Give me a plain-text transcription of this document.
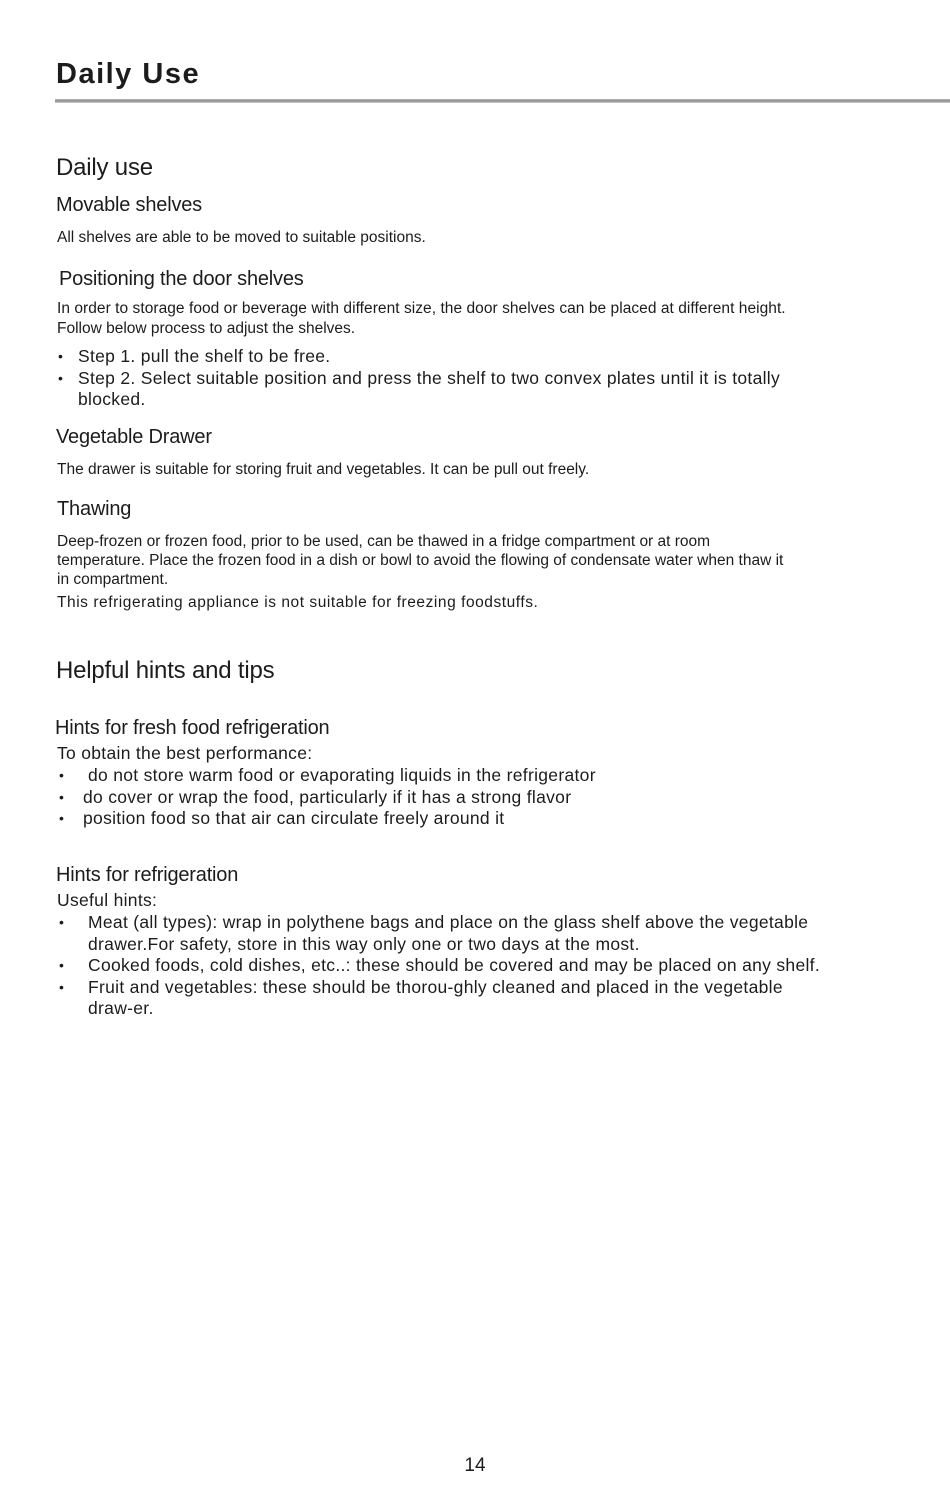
Daily Use
Daily use
Movable shelves

All shelves are able to be moved to suitable positions.

Positioning the door shelves

In order to storage food or beverage with different size, the door shelves can be placed at different height.

Follow below process to adjust the shelves.

• Step 1. pull the shelf to be free.
• Step 2. Select suitable position and press the shelf to two convex plates until it is totally
blocked.
Vegetable Drawer

The drawer is suitable for storing fruit and vegetables. It can be pull out freely.

Thawing

Deep-frozen or frozen food, prior to be used, can be thawed in a fridge compartment or at room

temperature. Place the frozen food in a dish or bowl to avoid the flowing of condensate water when thaw it

in compartment.

This refrigerating appliance is not suitable for freezing foodstuffs.

Helpful hints and tips
Hints for fresh food refrigeration

To obtain the best performance:

• do not store warm food or evaporating liquids in the refrigerator
• do cover or wrap the food, particularly if it has a strong flavor
• position food so that air can circulate freely around it
Hints for refrigeration

Useful hints:

• Meat (all types): wrap in polythene bags and place on the glass shelf above the vegetable
drawer.For safety, store in this way only one or two days at the most.
• Cooked foods, cold dishes, etc..: these should be covered and may be placed on any shelf.
• Fruit and vegetables: these should be thorou-ghly cleaned and placed in the vegetable
draw-er.
14
